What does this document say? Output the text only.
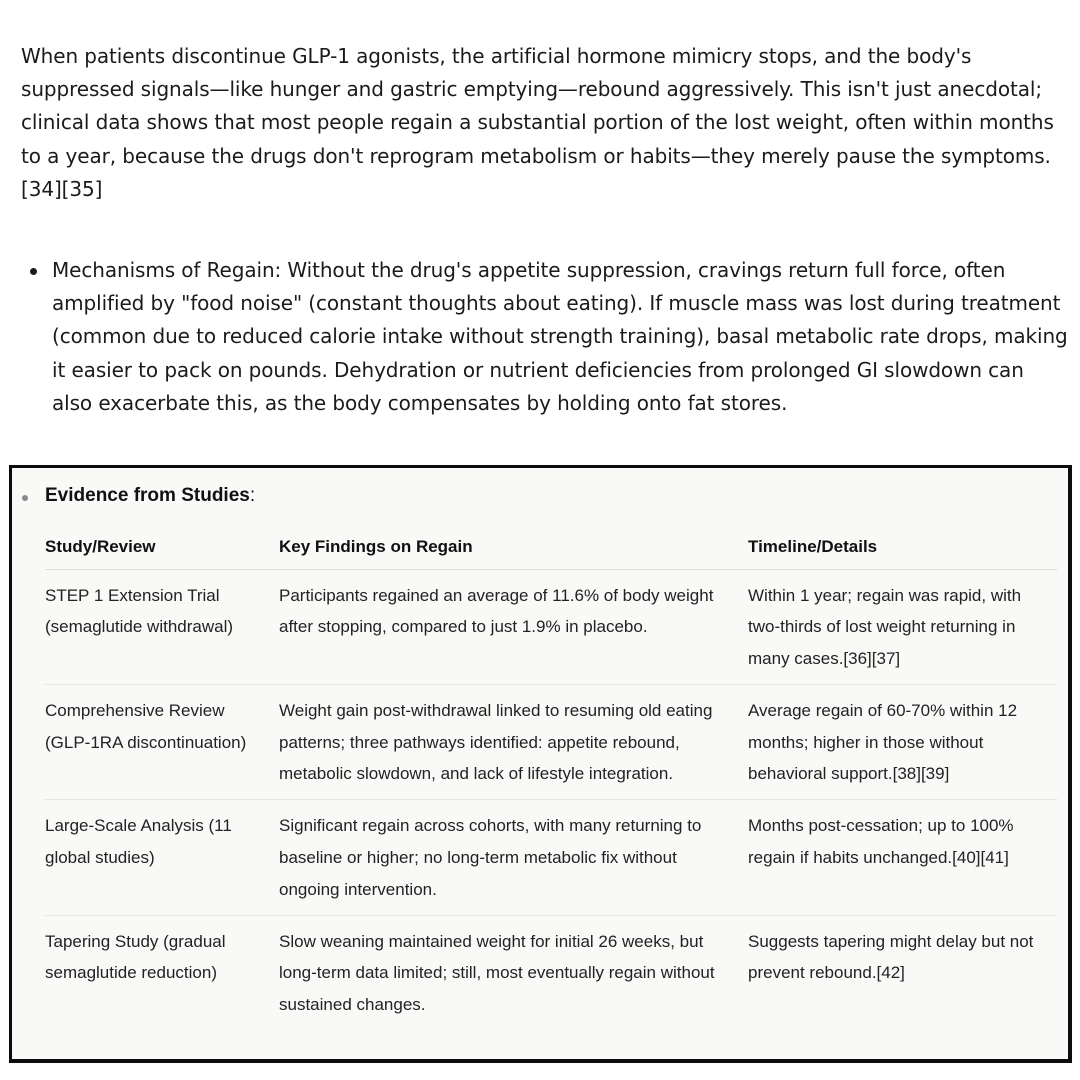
When patients discontinue GLP-1 agonists, the artificial hormone mimicry stops, and the body's suppressed signals—like hunger and gastric emptying—rebound aggressively. This isn't just anecdotal; clinical data shows that most people regain a substantial portion of the lost weight, often within months to a year, because the drugs don't reprogram metabolism or habits—they merely pause the symptoms.[34][35]

Mechanisms of Regain: Without the drug's appetite suppression, cravings return full force, often amplified by "food noise" (constant thoughts about eating). If muscle mass was lost during treatment (common due to reduced calorie intake without strength training), basal metabolic rate drops, making it easier to pack on pounds. Dehydration or nutrient deficiencies from prolonged GI slowdown can also exacerbate this, as the body compensates by holding onto fat stores.
Evidence from Studies:
Study/Review	Key Findings on Regain	Timeline/Details
STEP 1 Extension Trial (semaglutide withdrawal)	Participants regained an average of 11.6% of body weight after stopping, compared to just 1.9% in placebo.	Within 1 year; regain was rapid, with two-thirds of lost weight returning in many cases.[36][37]
Comprehensive Review (GLP-1RA discontinuation)	Weight gain post-withdrawal linked to resuming old eating patterns; three pathways identified: appetite rebound, metabolic slowdown, and lack of lifestyle integration.	Average regain of 60-70% within 12 months; higher in those without behavioral support.[38][39]
Large-Scale Analysis (11 global studies)	Significant regain across cohorts, with many returning to baseline or higher; no long-term metabolic fix without ongoing intervention.	Months post-cessation; up to 100% regain if habits unchanged.[40][41]
Tapering Study (gradual semaglutide reduction)	Slow weaning maintained weight for initial 26 weeks, but long-term data limited; still, most eventually regain without sustained changes.	Suggests tapering might delay but not prevent rebound.[42]
